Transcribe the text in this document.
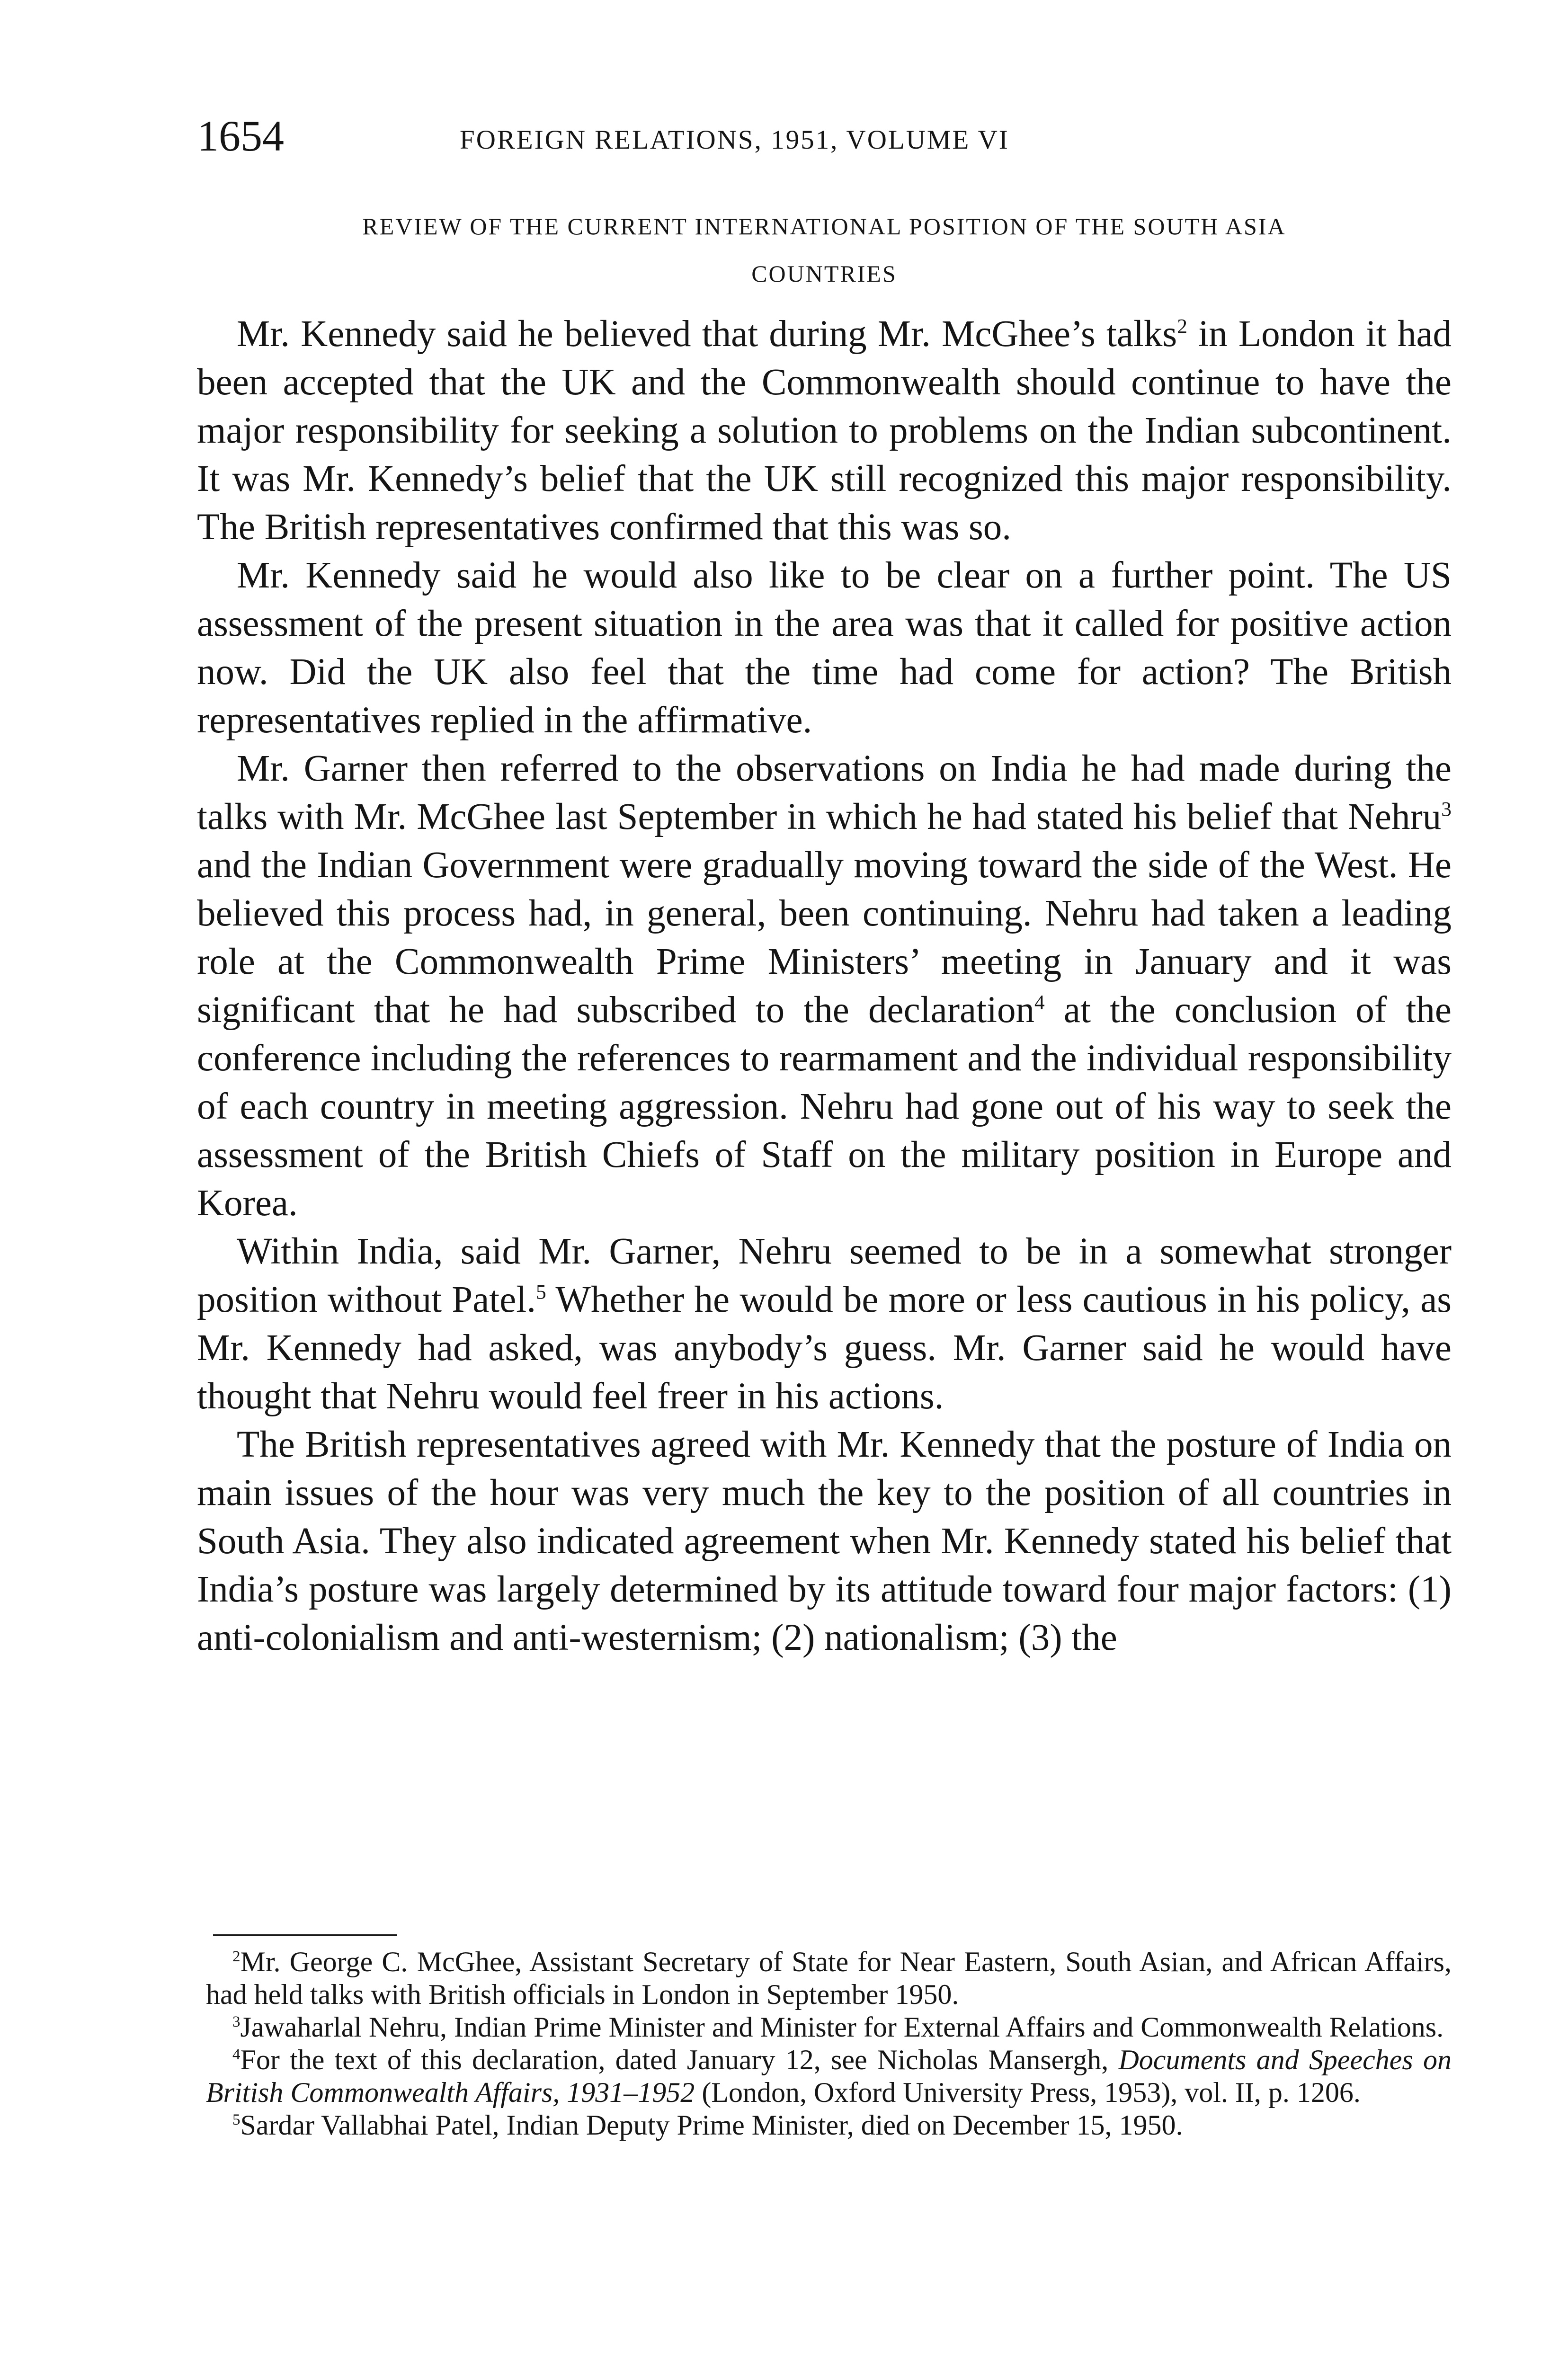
1654	FOREIGN RELATIONS, 1951, VOLUME VI
REVIEW OF THE CURRENT INTERNATIONAL POSITION OF THE SOUTH ASIA
COUNTRIES

Mr. Kennedy said he believed that during Mr. McGhee’s talks$^2$ in London it had been accepted that the UK and the Commonwealth should continue to have the major responsibility for seeking a solution to problems on the Indian subcontinent. It was Mr. Kennedy’s belief that the UK still recognized this major responsibility. The British representatives confirmed that this was so.

Mr. Kennedy said he would also like to be clear on a further point. The US assessment of the present situation in the area was that it called for positive action now. Did the UK also feel that the time had come for action? The British representatives replied in the affirmative.

Mr. Garner then referred to the observations on India he had made during the talks with Mr. McGhee last September in which he had stated his belief that Nehru$^3$ and the Indian Government were gradually moving toward the side of the West. He believed this process had, in general, been continuing. Nehru had taken a leading role at the Commonwealth Prime Ministers’ meeting in January and it was significant that he had subscribed to the declaration$^4$ at the conclusion of the conference including the references to rearmament and the individual responsibility of each country in meeting aggression. Nehru had gone out of his way to seek the assessment of the British Chiefs of Staff on the military position in Europe and Korea.

Within India, said Mr. Garner, Nehru seemed to be in a somewhat stronger position without Patel.$^5$ Whether he would be more or less cautious in his policy, as Mr. Kennedy had asked, was anybody’s guess. Mr. Garner said he would have thought that Nehru would feel freer in his actions.

The British representatives agreed with Mr. Kennedy that the posture of India on main issues of the hour was very much the key to the position of all countries in South Asia. They also indicated agreement when Mr. Kennedy stated his belief that India’s posture was largely determined by its attitude toward four major factors: (1) anti-colonialism and anti-westernism; (2) nationalism; (3) the

$^2$Mr. George C. McGhee, Assistant Secretary of State for Near Eastern, South Asian, and African Affairs, had held talks with British officials in London in September 1950.

$^3$Jawaharlal Nehru, Indian Prime Minister and Minister for External Affairs and Commonwealth Relations.

$^4$For the text of this declaration, dated January 12, see Nicholas Mansergh, Documents and Speeches on British Commonwealth Affairs, 1931–1952 (London, Oxford University Press, 1953), vol. II, p. 1206.

$^5$Sardar Vallabhai Patel, Indian Deputy Prime Minister, died on December 15, 1950.
